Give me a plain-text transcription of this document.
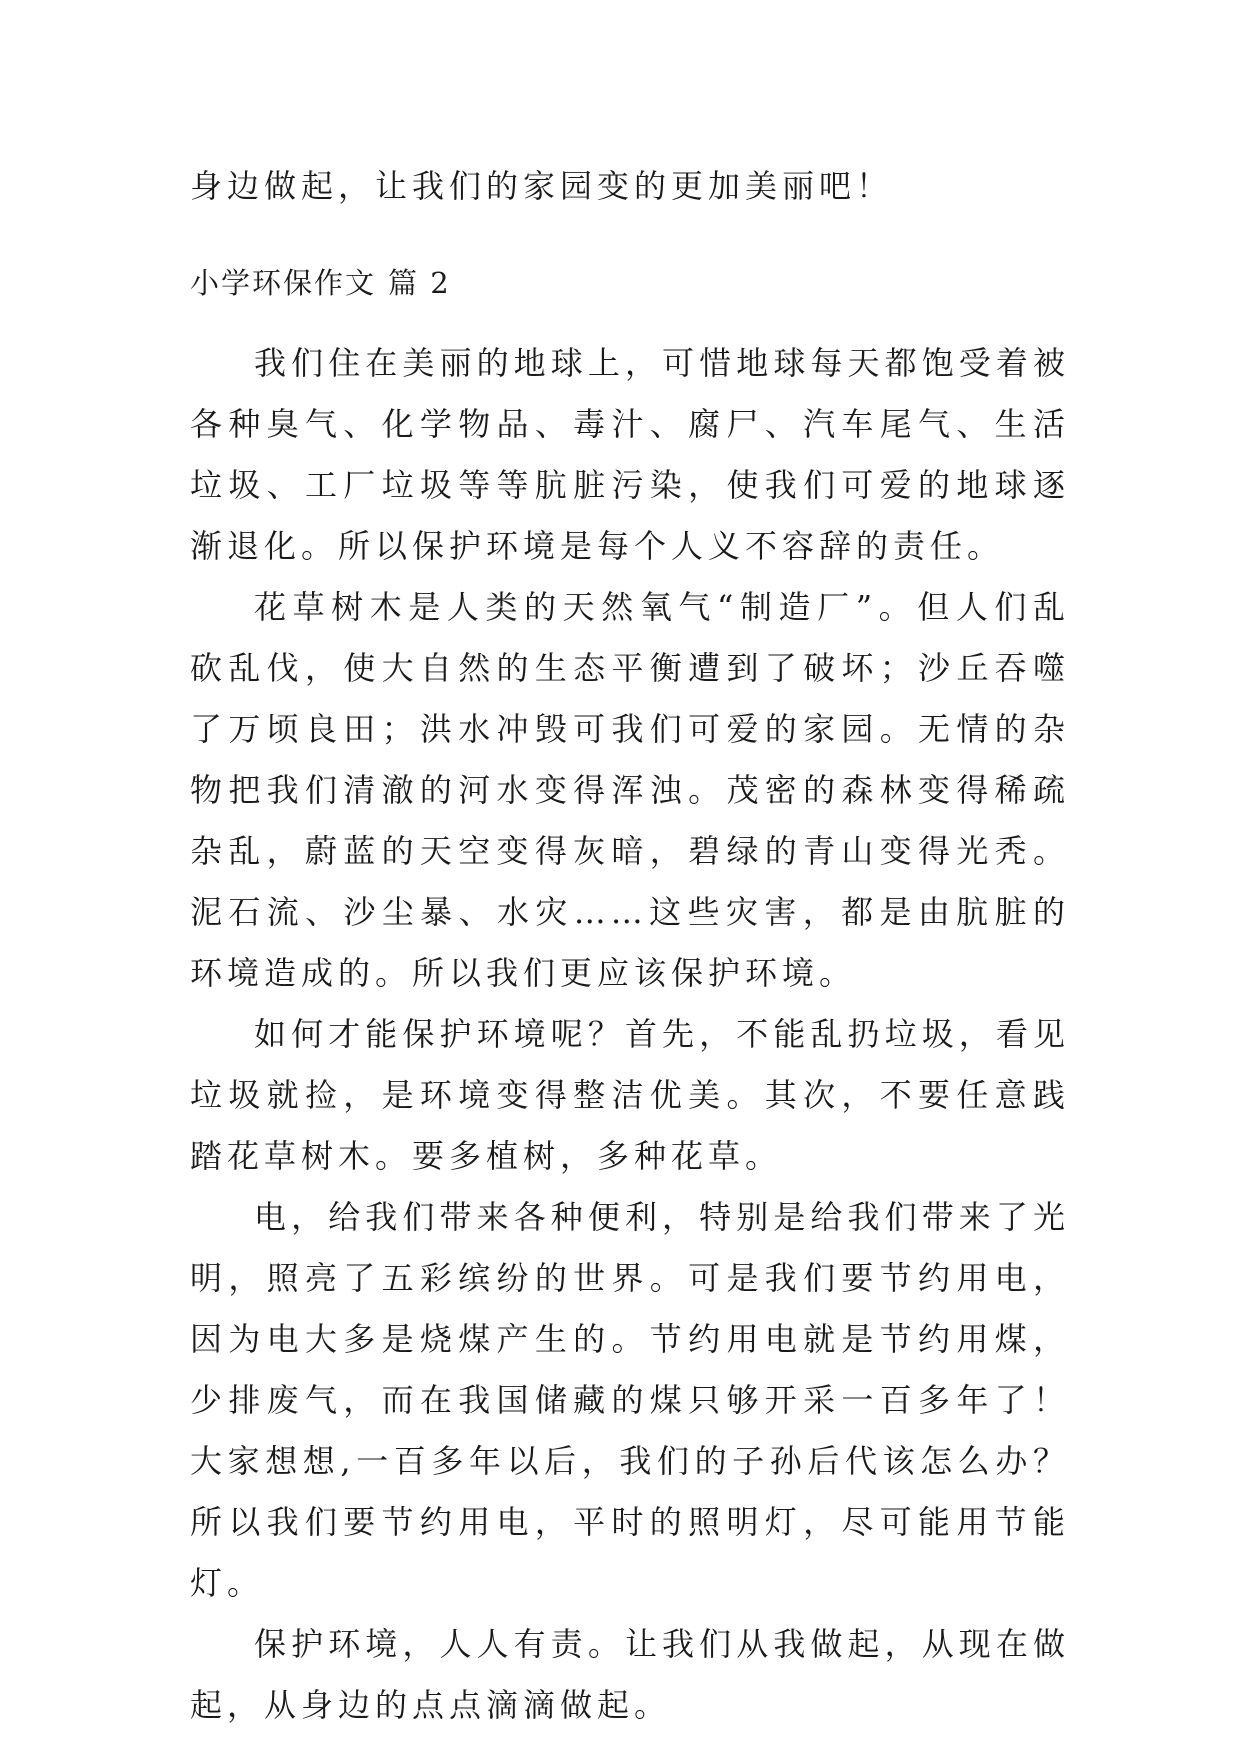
身边做起，让我们的家园变的更加美丽吧！

小学环保作文 篇 2

我们住在美丽的地球上，可惜地球每天都饱受着被各种臭气、化学物品、毒汁、腐尸、汽车尾气、生活垃圾、工厂垃圾等等肮脏污染，使我们可爱的地球逐渐退化。所以保护环境是每个人义不容辞的责任。

花草树木是人类的天然氧气“制造厂”。但人们乱砍乱伐，使大自然的生态平衡遭到了破坏；沙丘吞噬了万顷良田；洪水冲毁可我们可爱的家园。无情的杂物把我们清澈的河水变得浑浊。茂密的森林变得稀疏杂乱，蔚蓝的天空变得灰暗，碧绿的青山变得光秃。泥石流、沙尘暴、水灾……这些灾害，都是由肮脏的环境造成的。所以我们更应该保护环境。

如何才能保护环境呢？首先，不能乱扔垃圾，看见垃圾就捡，是环境变得整洁优美。其次，不要任意践踏花草树木。要多植树，多种花草。

电，给我们带来各种便利，特别是给我们带来了光明，照亮了五彩缤纷的世界。可是我们要节约用电，因为电大多是烧煤产生的。节约用电就是节约用煤，少排废气，而在我国储藏的煤只够开采一百多年了！大家想想,一百多年以后，我们的子孙后代该怎么办？所以我们要节约用电，平时的照明灯，尽可能用节能灯。

保护环境，人人有责。让我们从我做起，从现在做起，从身边的点点滴滴做起。
